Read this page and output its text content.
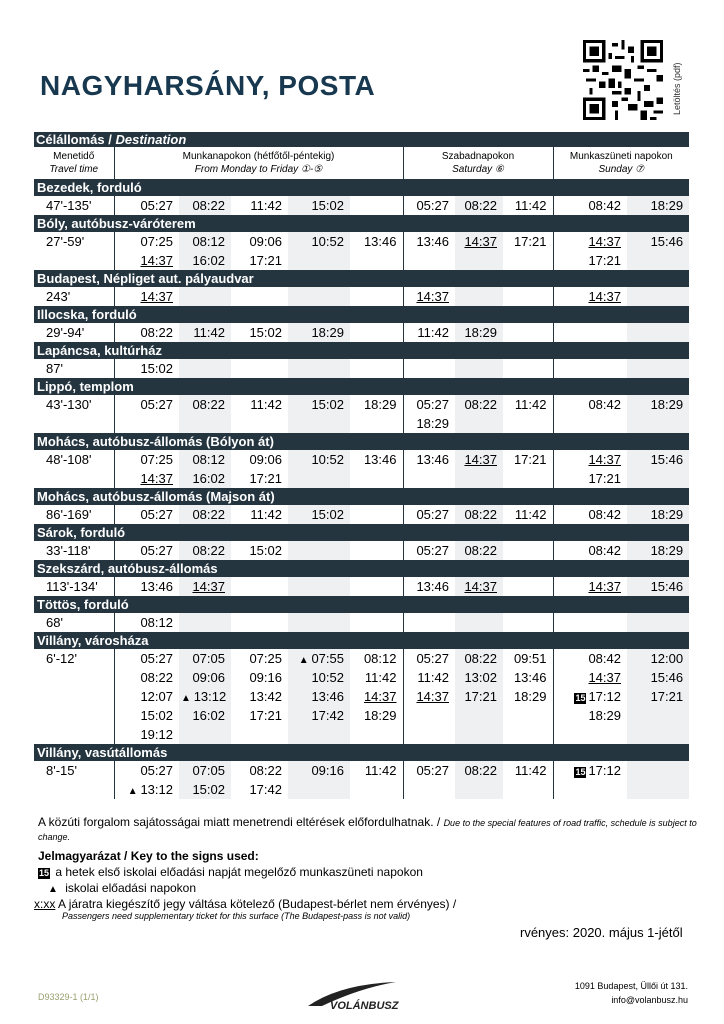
NAGYHARSÁNY, POSTA	Letöltés (pdf)
Célállomás / Destination										
Menetidő
Travel time	Munkanapokon (hétfőtől-péntekig)
From Monday to Friday ①-⑤					Szabadnapokon
Saturday ⑥			Munkaszüneti napokon
Sunday ⑦	
Bezedek, forduló										
47'-135'	05:27	08:22	11:42	15:02		05:27	08:22	11:42	08:42	18:29
Bóly, autóbusz-váróterem										
27'-59'	07:25	08:12	09:06	10:52	13:46	13:46	14:37	17:21	14:37	15:46
	14:37	16:02	17:21						17:21	
Budapest, Népliget aut. pályaudvar										
243'	14:37					14:37			14:37	
Illocska, forduló										
29'-94'	08:22	11:42	15:02	18:29		11:42	18:29			
Lapáncsa, kultúrház										
87'	15:02									
Lippó, templom										
43'-130'	05:27	08:22	11:42	15:02	18:29	05:27	08:22	11:42	08:42	18:29
						18:29				
Mohács, autóbusz-állomás (Bólyon át)										
48'-108'	07:25	08:12	09:06	10:52	13:46	13:46	14:37	17:21	14:37	15:46
	14:37	16:02	17:21						17:21	
Mohács, autóbusz-állomás (Majson át)										
86'-169'	05:27	08:22	11:42	15:02		05:27	08:22	11:42	08:42	18:29
Sárok, forduló										
33'-118'	05:27	08:22	15:02			05:27	08:22		08:42	18:29
Szekszárd, autóbusz-állomás										
113'-134'	13:46	14:37				13:46	14:37		14:37	15:46
Töttös, forduló										
68'	08:12									
Villány, városháza										
6'-12'	05:27	07:05	07:25	▲ 07:55	08:12	05:27	08:22	09:51	08:42	12:00
	08:22	09:06	09:16	10:52	11:42	11:42	13:02	13:46	14:37	15:46
	12:07	▲ 13:12	13:42	13:46	14:37	14:37	17:21	18:29	15 17:12	17:21
	15:02	16:02	17:21	17:42	18:29				18:29	
	19:12									
Villány, vasútállomás										
8'-15'	05:27	07:05	08:22	09:16	11:42	05:27	08:22	11:42	15 17:12	
	▲ 13:12	15:02	17:42							
A közúti forgalom sajátosságai miatt menetrendi eltérések előfordulhatnak. / Due to the special features of road traffic, schedule is subject to change.
Jelmagyarázat / Key to the signs used:
15 a hetek első iskolai előadási napját megelőző munkaszüneti napokon
▲ iskolai előadási napokon
x:xx A járatra kiegészítő jegy váltása kötelező (Budapest-bérlet nem érvényes) /
Passengers need supplementary ticket for this surface (The Budapest-pass is not valid)
rvényes: 2020. május 1-jétől
D93329-1 (1/1)
VOLÁNBUSZ
1091 Budapest, Üllői út 131.
info@volanbusz.hu
